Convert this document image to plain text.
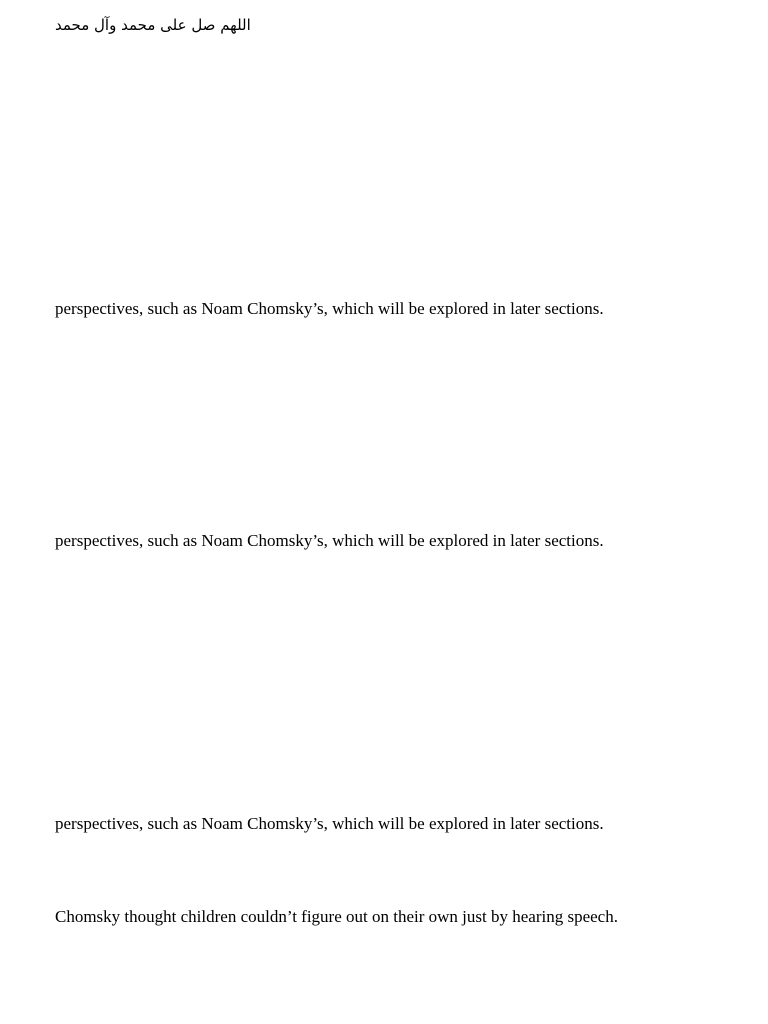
اللهم صل علی محمد وآل محمد
perspectives, such as Noam Chomsky’s, which will be explored in later sections.
perspectives, such as Noam Chomsky’s, which will be explored in later sections.
perspectives, such as Noam Chomsky’s, which will be explored in later sections.
Chomsky thought children couldn’t figure out on their own just by hearing speech.
